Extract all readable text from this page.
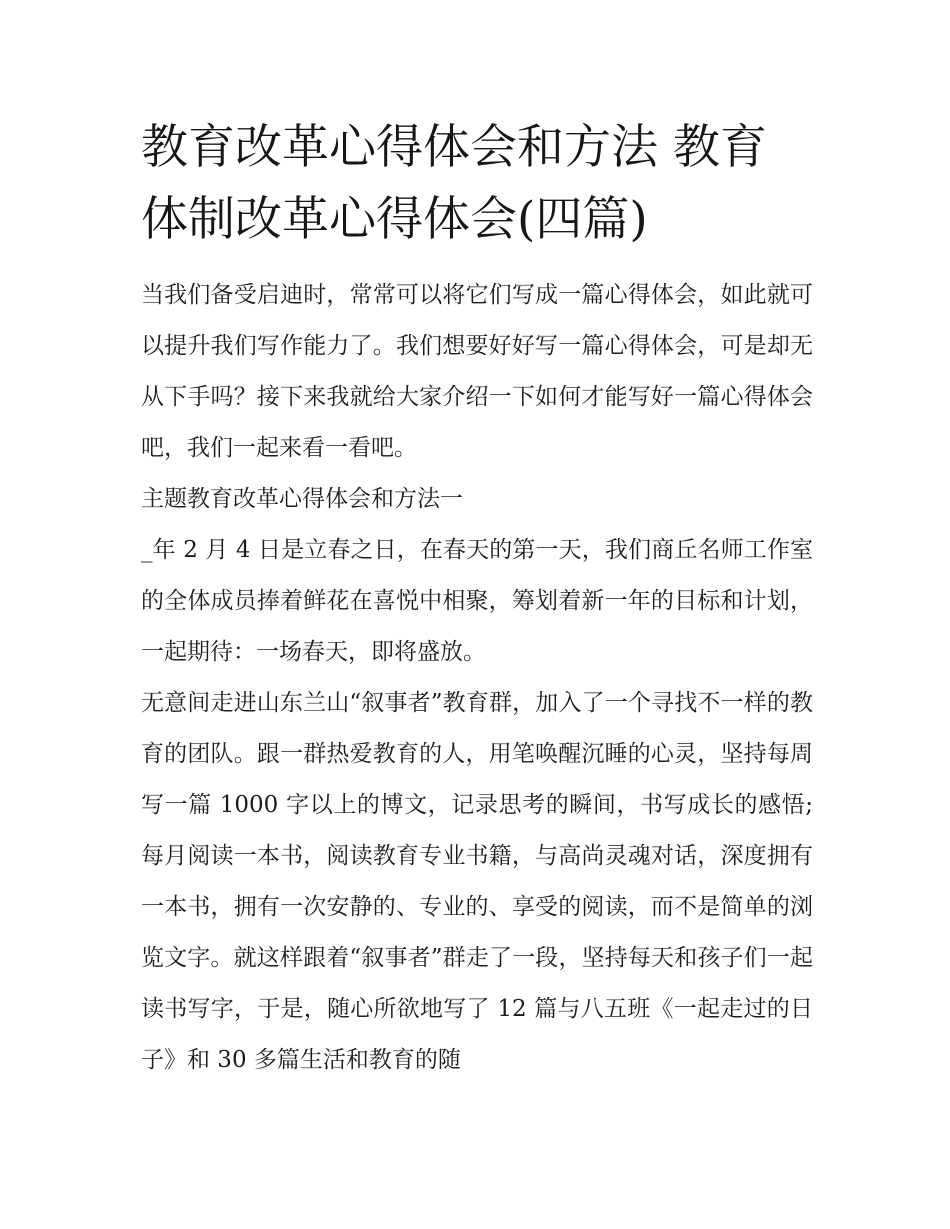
教育改革心得体会和方法 教育体制改革心得体会(四篇)

当我们备受启迪时，常常可以将它们写成一篇心得体会，如此就可以提升我们写作能力了。我们想要好好写一篇心得体会，可是却无从下手吗？接下来我就给大家介绍一下如何才能写好一篇心得体会吧，我们一起来看一看吧。

主题教育改革心得体会和方法一

_年 2 月 4 日是立春之日，在春天的第一天，我们商丘名师工作室的全体成员捧着鲜花在喜悦中相聚，筹划着新一年的目标和计划，一起期待：一场春天，即将盛放。

无意间走进山东兰山“叙事者”教育群，加入了一个寻找不一样的教育的团队。跟一群热爱教育的人，用笔唤醒沉睡的心灵，坚持每周写一篇 1000 字以上的博文，记录思考的瞬间，书写成长的感悟;每月阅读一本书，阅读教育专业书籍，与高尚灵魂对话，深度拥有一本书，拥有一次安静的、专业的、享受的阅读，而不是简单的浏览文字。就这样跟着“叙事者”群走了一段，坚持每天和孩子们一起读书写字，于是，随心所欲地写了 12 篇与八五班《一起走过的日子》和 30 多篇生活和教育的随
